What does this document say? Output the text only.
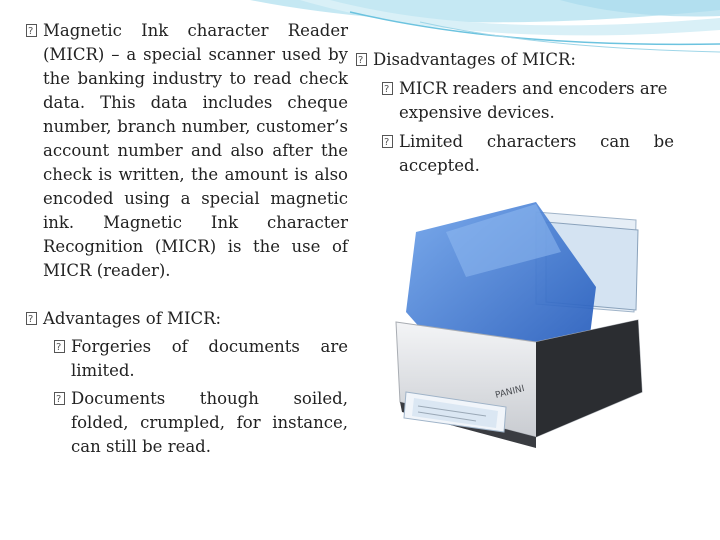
?
Magnetic Ink character Reader (MICR) – a special scanner used by the banking industry to read check data. This data includes cheque number, branch number, customer’s account number and also after the check is written, the amount is also encoded using a special magnetic ink. Magnetic Ink character Recognition (MICR) is the use of MICR (reader).
?
Advantages of MICR:
?
Forgeries of documents are limited.
?
Documents though soiled, folded, crumpled, for instance, can still be read.
?
Disadvantages of MICR:
?
MICR readers and encoders are expensive devices.
?
Limited characters can be accepted.
PANINI
